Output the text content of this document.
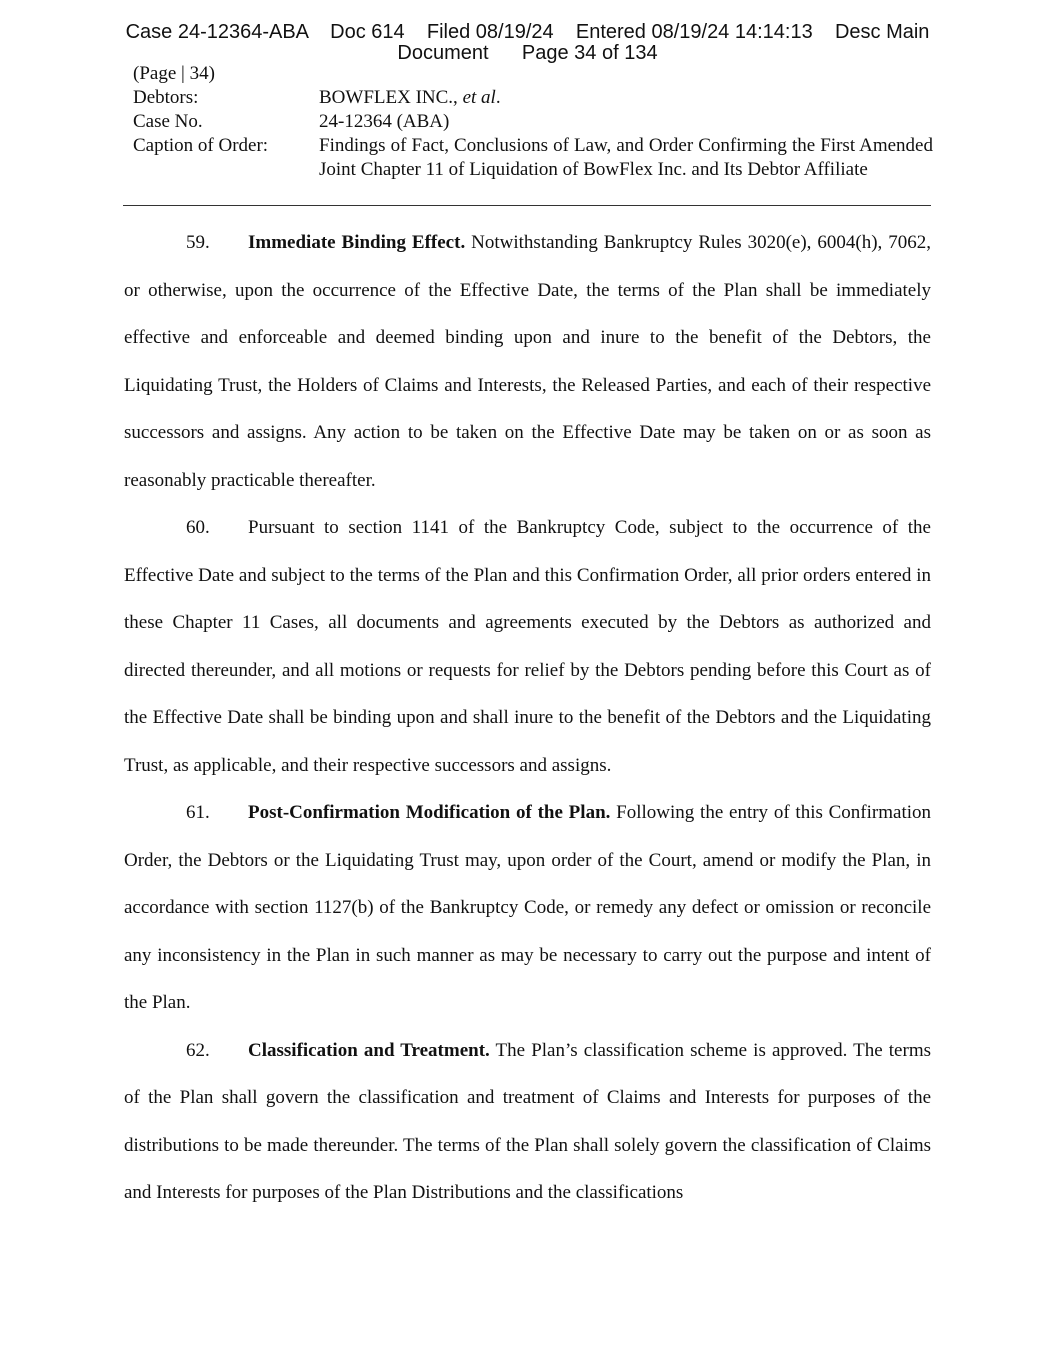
Case 24-12364-ABA    Doc 614    Filed 08/19/24    Entered 08/19/24 14:14:13    Desc Main
Document      Page 34 of 134
(Page | 34)
Debtors:	BOWFLEX INC., et al.
Case No.	24-12364 (ABA)
Caption of Order:	Findings of Fact, Conclusions of Law, and Order Confirming the First Amended Joint Chapter 11 of Liquidation of BowFlex Inc. and Its Debtor Affiliate

59. Immediate Binding Effect. Notwithstanding Bankruptcy Rules 3020(e), 6004(h), 7062, or otherwise, upon the occurrence of the Effective Date, the terms of the Plan shall be immediately effective and enforceable and deemed binding upon and inure to the benefit of the Debtors, the Liquidating Trust, the Holders of Claims and Interests, the Released Parties, and each of their respective successors and assigns. Any action to be taken on the Effective Date may be taken on or as soon as reasonably practicable thereafter.

60. Pursuant to section 1141 of the Bankruptcy Code, subject to the occurrence of the Effective Date and subject to the terms of the Plan and this Confirmation Order, all prior orders entered in these Chapter 11 Cases, all documents and agreements executed by the Debtors as authorized and directed thereunder, and all motions or requests for relief by the Debtors pending before this Court as of the Effective Date shall be binding upon and shall inure to the benefit of the Debtors and the Liquidating Trust, as applicable, and their respective successors and assigns.

61. Post-Confirmation Modification of the Plan. Following the entry of this Confirmation Order, the Debtors or the Liquidating Trust may, upon order of the Court, amend or modify the Plan, in accordance with section 1127(b) of the Bankruptcy Code, or remedy any defect or omission or reconcile any inconsistency in the Plan in such manner as may be necessary to carry out the purpose and intent of the Plan.

62. Classification and Treatment. The Plan’s classification scheme is approved. The terms of the Plan shall govern the classification and treatment of Claims and Interests for purposes of the distributions to be made thereunder. The terms of the Plan shall solely govern the classification of Claims and Interests for purposes of the Plan Distributions and the classifications
